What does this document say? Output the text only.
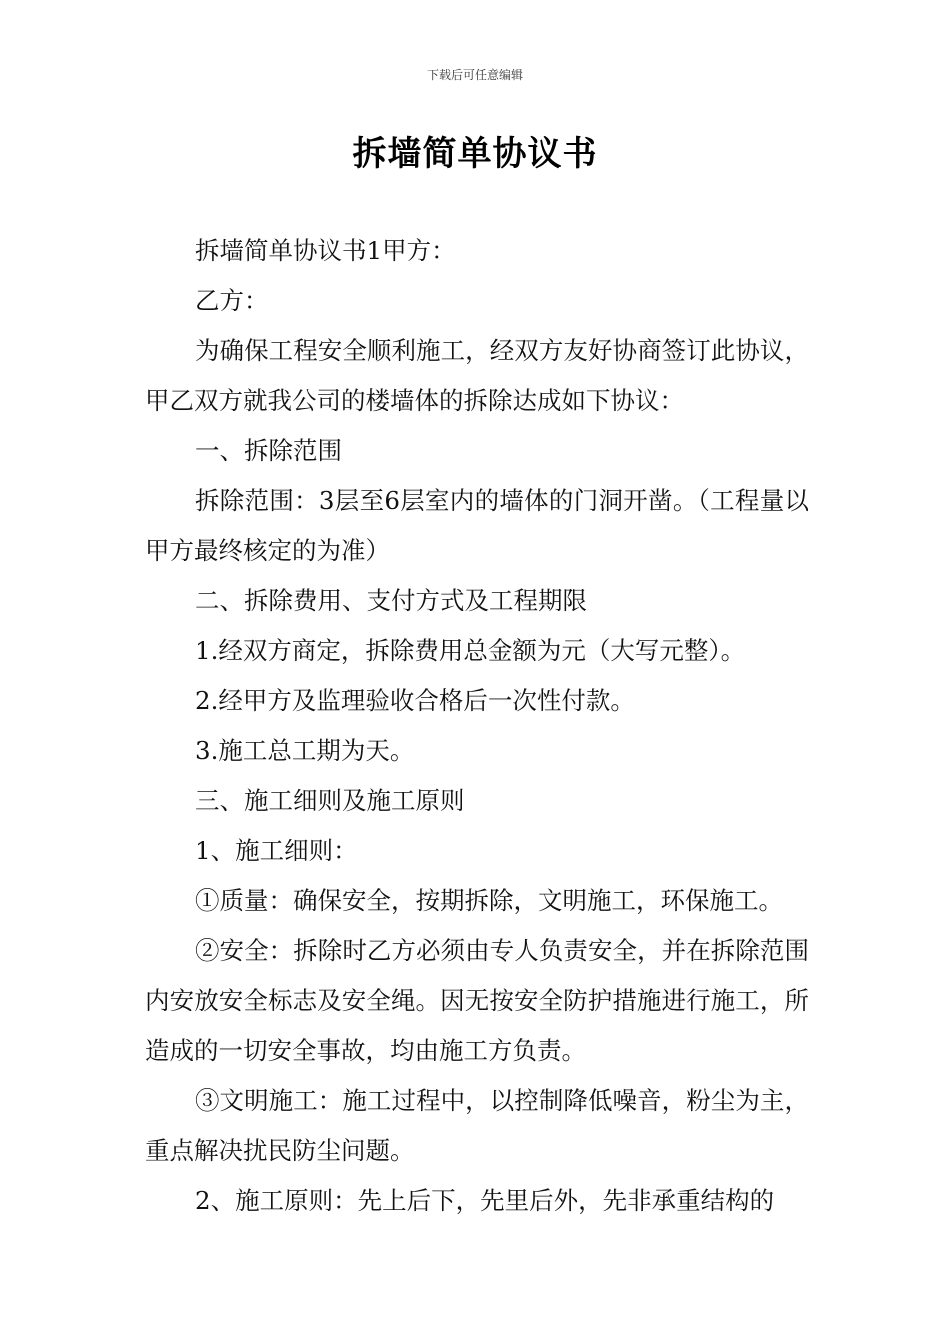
下载后可任意编辑
拆墙简单协议书

拆墙简单协议书1甲方：

乙方：

为确保工程安全顺利施工，经双方友好协商签订此协议，甲乙双方就我公司的楼墙体的拆除达成如下协议：

一、拆除范围

拆除范围：3层至6层室内的墙体的门洞开凿。（工程量以甲方最终核定的为准）

二、拆除费用、支付方式及工程期限

1.经双方商定，拆除费用总金额为元（大写元整）。

2.经甲方及监理验收合格后一次性付款。

3.施工总工期为天。

三、施工细则及施工原则

1、施工细则：

①质量：确保安全，按期拆除，文明施工，环保施工。

②安全：拆除时乙方必须由专人负责安全，并在拆除范围内安放安全标志及安全绳。因无按安全防护措施进行施工，所造成的一切安全事故，均由施工方负责。

③文明施工：施工过程中，以控制降低噪音，粉尘为主，重点解决扰民防尘问题。

2、施工原则：先上后下，先里后外，先非承重结构的
